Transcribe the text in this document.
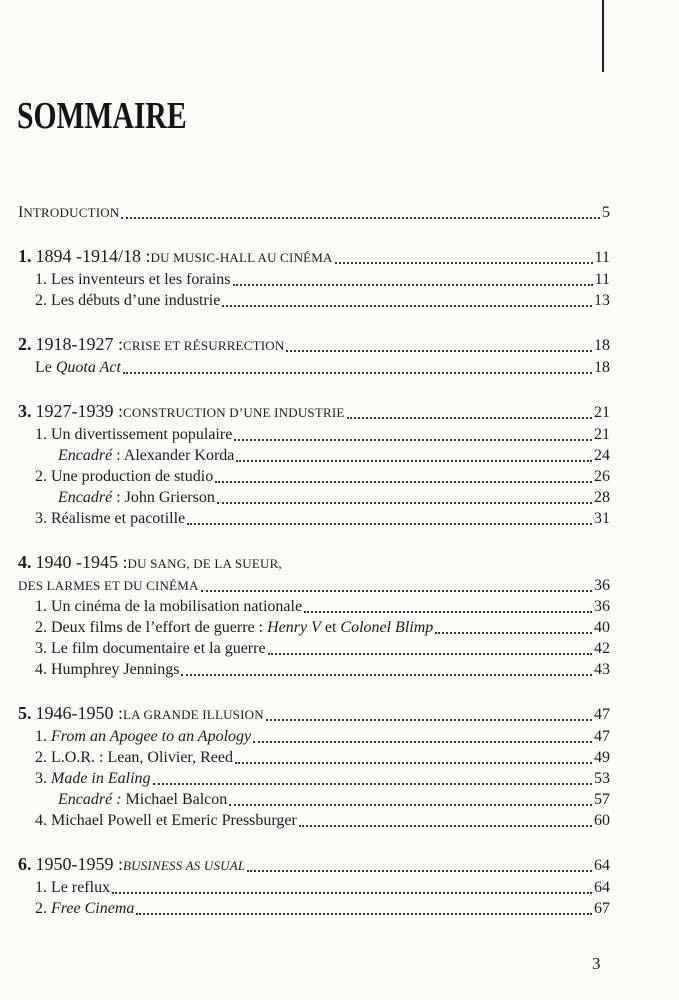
SOMMAIRE
INTRODUCTION	5
1. 1894 -1914/18 : DU MUSIC-HALL AU CINÉMA	11
1. Les inventeurs et les forains	11
2. Les débuts d’une industrie	13
2. 1918-1927 : CRISE ET RÉSURRECTION	18
Le Quota Act	18
3. 1927-1939 : CONSTRUCTION D’UNE INDUSTRIE	21
1. Un divertissement populaire	21
Encadré : Alexander Korda	24
2. Une production de studio	26
Encadré : John Grierson	28
3. Réalisme et pacotille	31
4. 1940 -1945 : DU SANG, DE LA SUEUR,
DES LARMES ET DU CINÉMA	36
1. Un cinéma de la mobilisation nationale	36
2. Deux films de l’effort de guerre : Henry V et Colonel Blimp	40
3. Le film documentaire et la guerre	42
4. Humphrey Jennings	43
5. 1946-1950 : LA GRANDE ILLUSION	47
1. From an Apogee to an Apology	47
2. L.O.R. : Lean, Olivier, Reed	49
3. Made in Ealing	53
Encadré : Michael Balcon	57
4. Michael Powell et Emeric Pressburger	60
6. 1950-1959 : BUSINESS AS USUAL	64
1. Le reflux	64
2. Free Cinema	67
3
